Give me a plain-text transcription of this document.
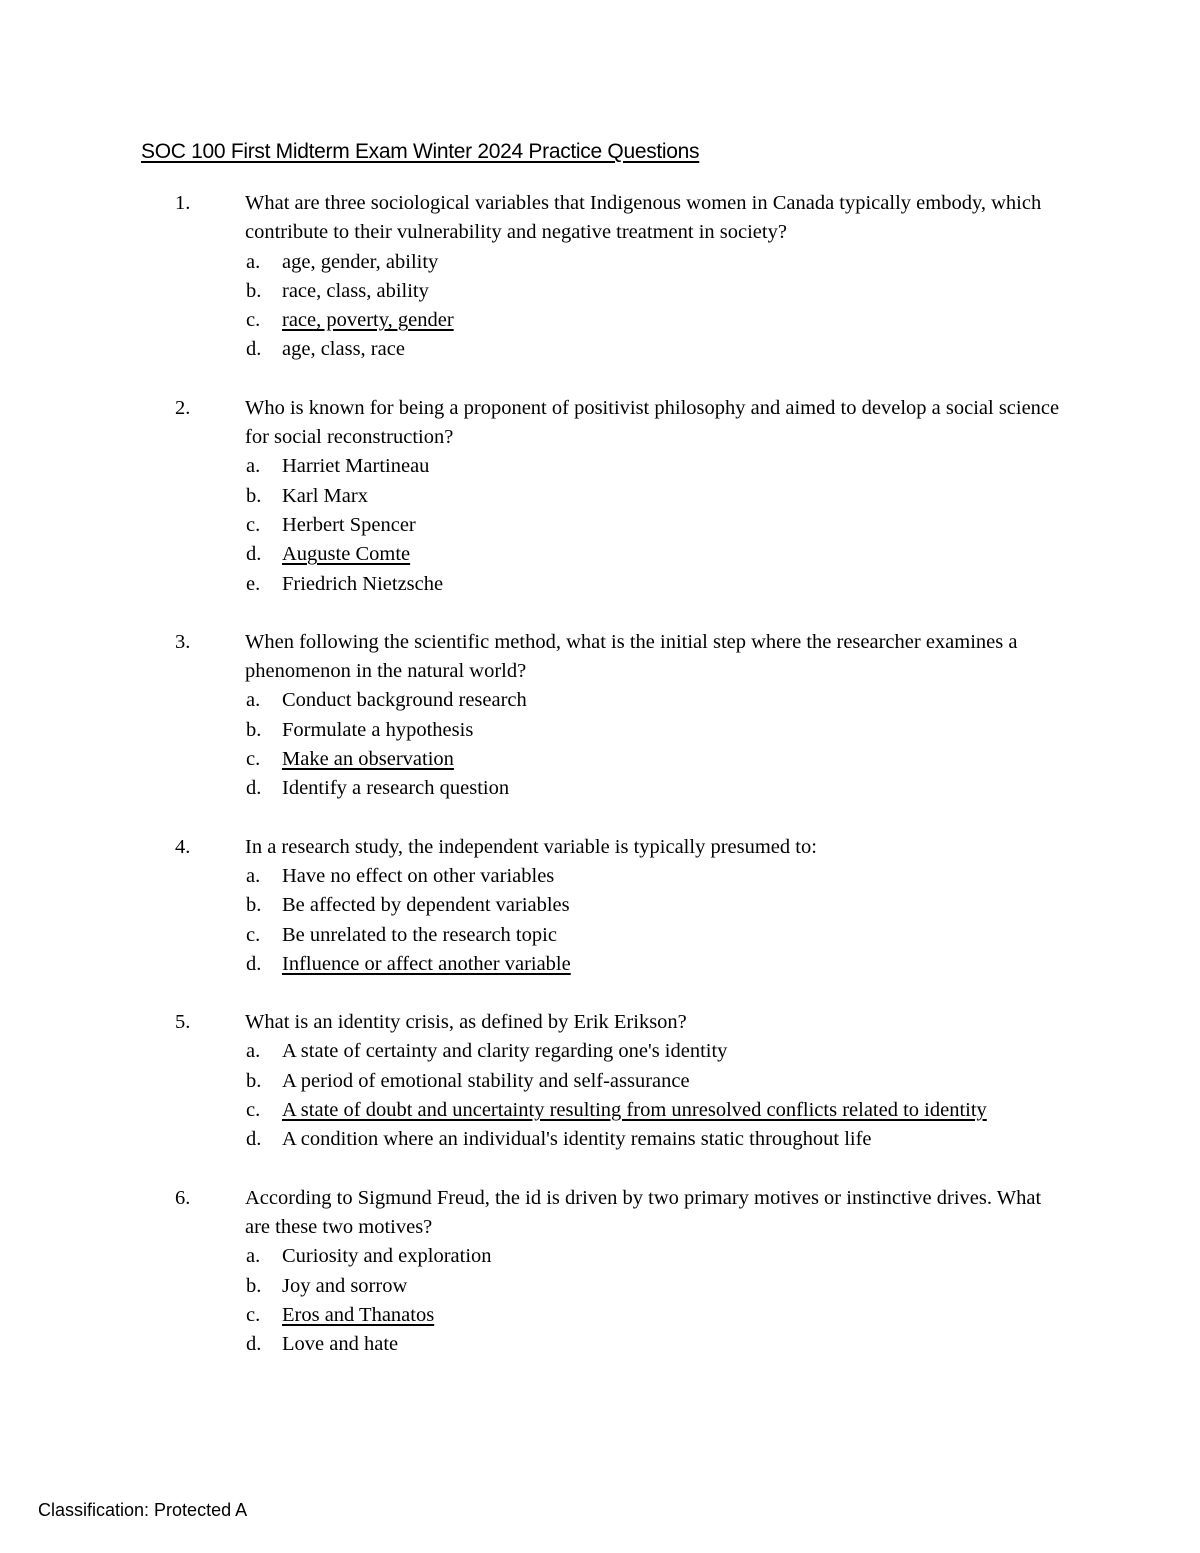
SOC 100 First Midterm Exam Winter 2024 Practice Questions
1.	What are three sociological variables that Indigenous women in Canada typically embody, which contribute to their vulnerability and negative treatment in society?
a.	age, gender, ability
b.	race, class, ability
c.	race, poverty, gender
d.	age, class, race
2.	Who is known for being a proponent of positivist philosophy and aimed to develop a social science for social reconstruction?
a.	Harriet Martineau
b.	Karl Marx
c.	Herbert Spencer
d.	Auguste Comte
e.	Friedrich Nietzsche
3.	When following the scientific method, what is the initial step where the researcher examines a phenomenon in the natural world?
a.	Conduct background research
b.	Formulate a hypothesis
c.	Make an observation
d.	Identify a research question
4.	In a research study, the independent variable is typically presumed to:
a.	Have no effect on other variables
b.	Be affected by dependent variables
c.	Be unrelated to the research topic
d.	Influence or affect another variable
5.	What is an identity crisis, as defined by Erik Erikson?
a.	A state of certainty and clarity regarding one's identity
b.	A period of emotional stability and self-assurance
c.	A state of doubt and uncertainty resulting from unresolved conflicts related to identity
d.	A condition where an individual's identity remains static throughout life
6.	According to Sigmund Freud, the id is driven by two primary motives or instinctive drives. What are these two motives?
a.	Curiosity and exploration
b.	Joy and sorrow
c.	Eros and Thanatos
d.	Love and hate
Classification: Protected A
